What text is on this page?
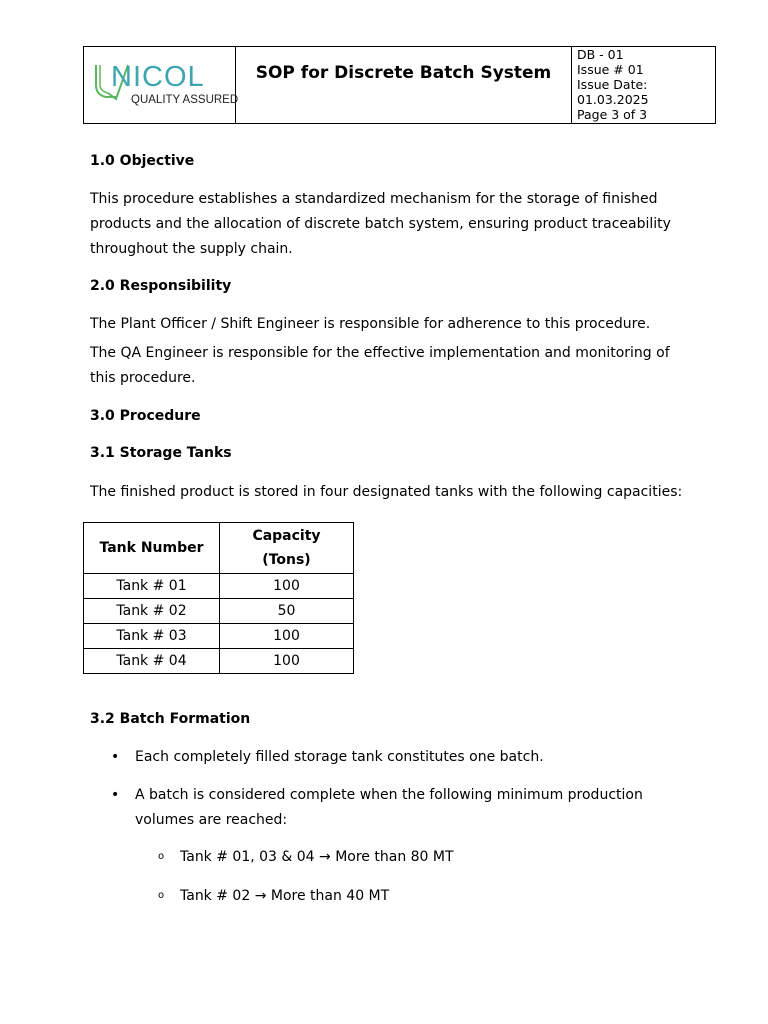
NICOL
QUALITY ASSURED
SOP for Discrete Batch System
DB - 01
Issue # 01
Issue Date:
01.03.2025
Page 3 of 3
1.0 Objective
This procedure establishes a standardized mechanism for the storage of finished
products and the allocation of discrete batch system, ensuring product traceability
throughout the supply chain.
2.0 Responsibility
The Plant Officer / Shift Engineer is responsible for adherence to this procedure.
The QA Engineer is responsible for the effective implementation and monitoring of
this procedure.
3.0 Procedure
3.1 Storage Tanks
The finished product is stored in four designated tanks with the following capacities:
Tank Number	Capacity
(Tons)

Tank # 01	100
Tank # 02	50
Tank # 03	100
Tank # 04	100
3.2 Batch Formation
• Each completely filled storage tank constitutes one batch.
• A batch is considered complete when the following minimum production
volumes are reached:
o Tank # 01, 03 & 04 → More than 80 MT
o Tank # 02 → More than 40 MT
